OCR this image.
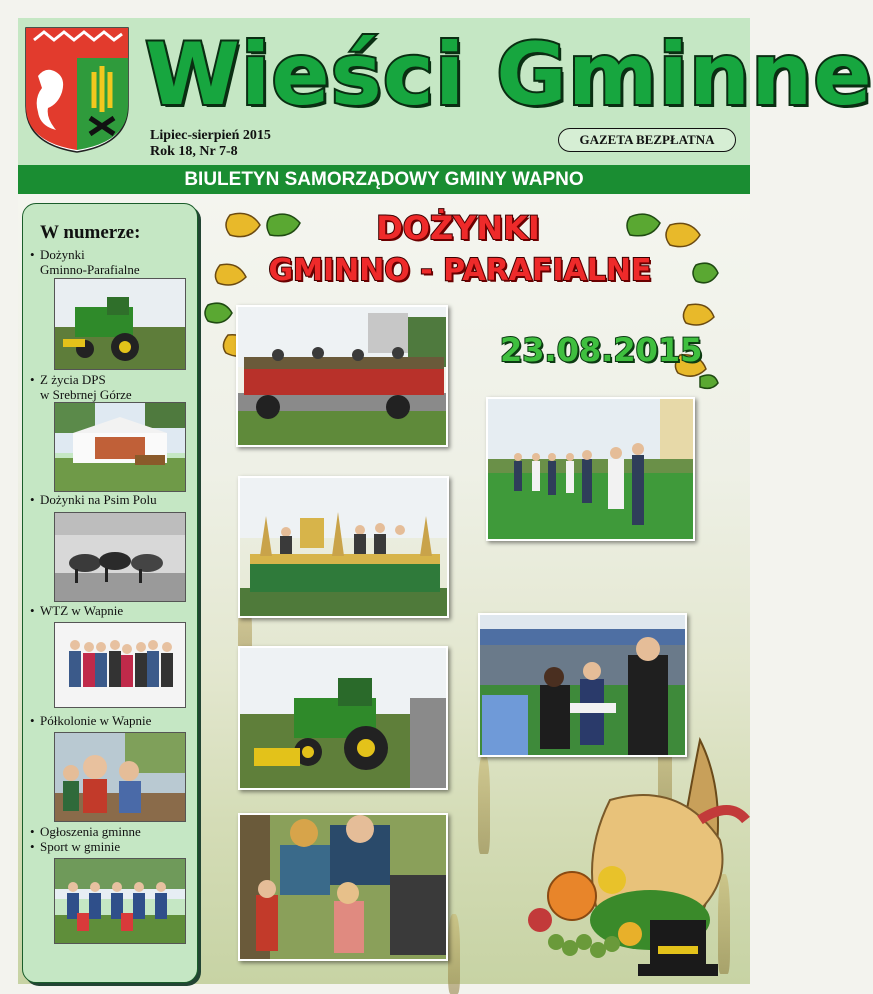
Wieści Gminne
Lipiec-sierpień 2015
Rok 18, Nr 7-8
GAZETA BEZPŁATNA
BIULETYN SAMORZĄDOWY GMINY WAPNO
W numerze:
• Dożynki
Gminno-Parafialne
• Z życia DPS
w Srebrnej Górze
• Dożynki na Psim Polu
• WTZ w Wapnie
• Półkolonie w Wapnie
• Ogłoszenia gminne
• Sport w gminie
DOŻYNKI
GMINNO - PARAFIALNE
23.08.2015
